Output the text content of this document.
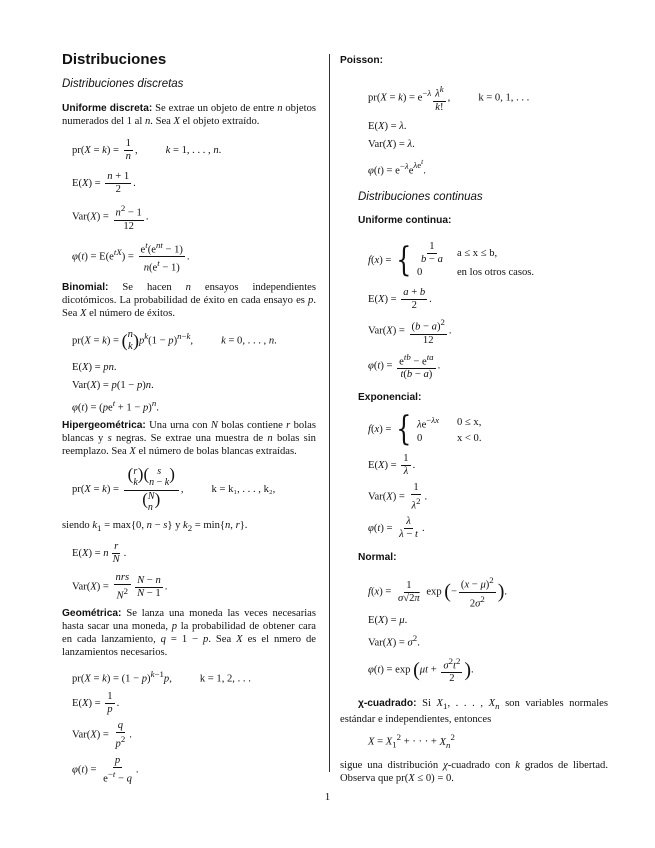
Distribuciones
Distribuciones discretas
Uniforme discreta: Se extrae un objeto de entre n objetos numerados del 1 al n. Sea X el objeto extraído.
$pr(X = k) = \frac{1}{n}$ ,	k = 1, . . . , n.
$E(X) = \frac{n + 1}{2}$ .
$Var(X) = \frac{n^2 - 1}{12}$ .
$\varphi(t) = E(e^{tX})$ =
$e^t(e^{nt} - 1)$
$n(e^t - 1)$
.
Binomial: Se hacen n ensayos independientes dicotómicos. La probabilidad de éxito en cada ensayo es p. Sea X el número de éxitos.
pr(X = k) = ( n
k )$p^k(1 - p)^{n-k}$,	k = 0, . . . , n.
E(X) = pn.
Var(X) = p(1 − p)n.
$\varphi(t) = (pe^t + 1 - p)^n$.
Hipergeométrica: Una urna con N bolas contiene r bolas blancas y s negras. Se extrae una muestra de n bolas sin reemplazo. Sea X el número de bolas blancas extraídas.
pr(X = k) = ( r
k )( s
n − k )
( N
n ) ,	k = k₁, . . . , k₂,
siendo $k_1 = \max\{0$, n − s} y $k_2 = \min\{n$, r}.
E(X) = n $\frac{r}{N}$ .
Var(X) =
nrs
$N^2 \frac{N - n}{N - 1}$ .
Geométrica: Se lanza una moneda las veces necesarias hasta sacar una moneda, p la probabilidad de obtener cara en cada lanzamiento, q = 1 − p. Sea X es el nmero de lanzamientos necesarios.
$pr(X = k) = (1 - p)^{k-1}p$,	k = 1, 2, . . .
$E(X) = \frac{1}{p}$ .
$Var(X) = \frac{q}{p^2}$ .
$\varphi(t) = \frac{p}{e^{-t} - q}$ .
Poisson:
$pr(X = k) = e^{-\lambda} \frac{\lambda^k}{k!}$ ,	k = 0, 1, . . .
E(X) = λ.
Var(X) = λ.
$\varphi(t) = e^{-\lambda}e^{\lambda e^t}$.
Distribuciones continuas
Uniforme continua:
f(x) = { $\frac{1}{b - a}$ a ≤ x ≤ b,
0	en los otros casos.
$E(X) = \frac{a + b}{2}$ .
$Var(X) = \frac{(b - a)^2}{12}$ .
$\varphi(t) = e^{tb} - e^{ta}$
t(b − a)
.
Exponencial:
f(x) = { $\lambda e^{-\lambda x}$	0 ≤ x,
0	x < 0.
$E(X) = \frac{1}{\lambda}$ .
$Var(X) = \frac{1}{\lambda^2}$ .
$\varphi(t) = \frac{\lambda}{\lambda - t}$ .
Normal:
$f(x) = \frac{1}{\sigma√2\pi}$ exp (− $\frac{(x - \mu)^2}{2\sigma^2}$ ).
E(X) = μ.
$Var(X) = \sigma^2$.
$\varphi(t) = \exp (\mu t + \frac{\sigma^2t^2}{2}$ ).
χ-cuadrado: Si $X_1$, . . . , $X_n$ son variables normales estándar e independientes, entonces
$X = X_1^2$ + · · · + $X_n^2$
sigue una distribución χ-cuadrado con k grados de libertad. Observa que pr(X ≤ 0) = 0.
1
